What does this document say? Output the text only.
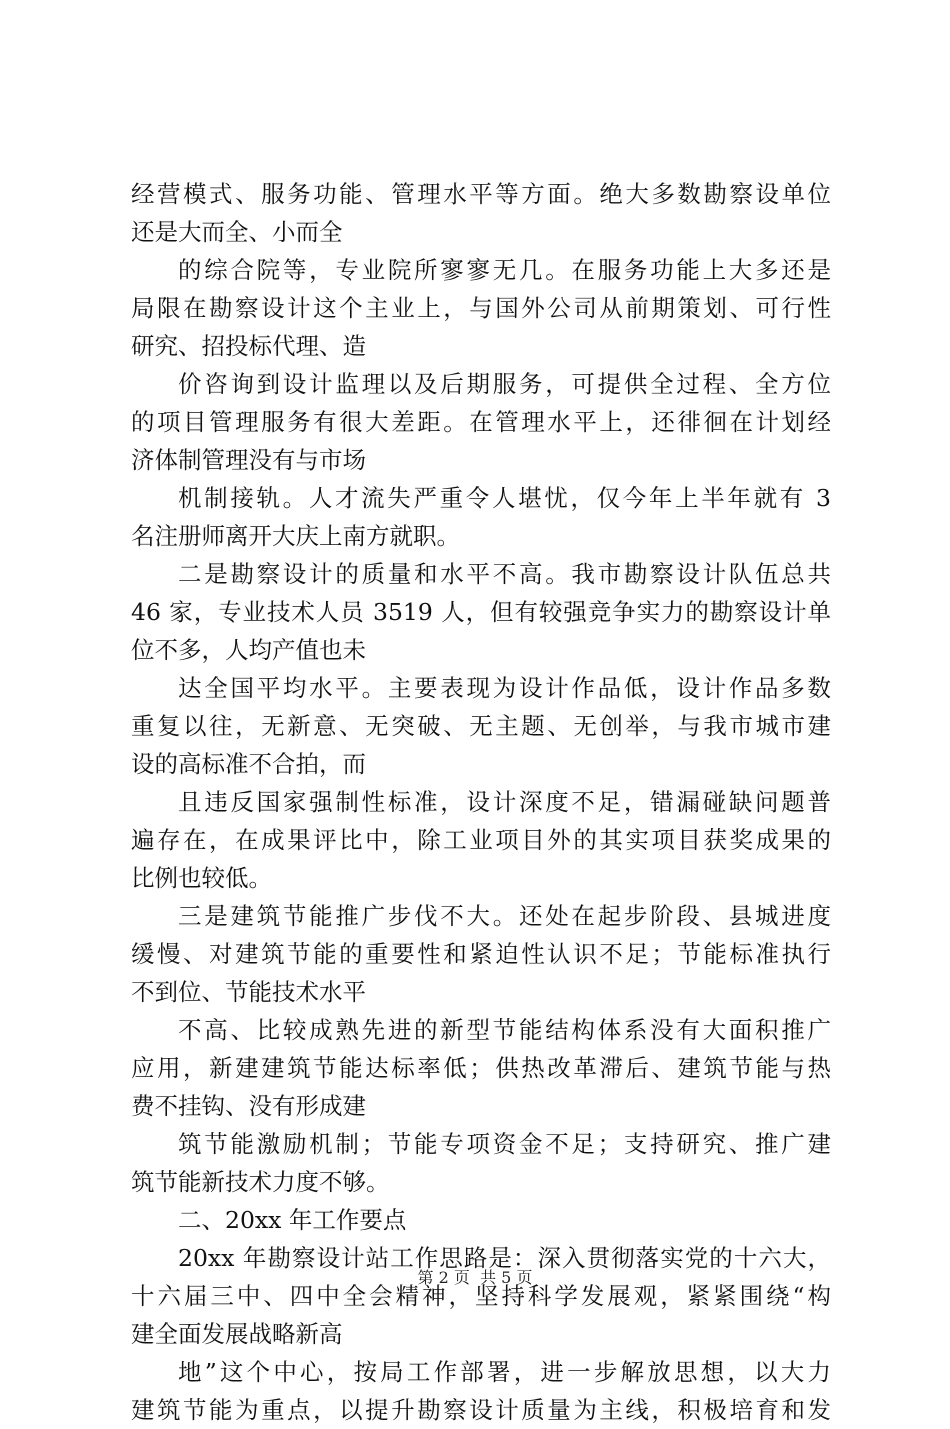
经营模式、服务功能、管理水平等方面。绝大多数勘察设单位
还是大而全、小而全
的综合院等，专业院所寥寥无几。在服务功能上大多还是
局限在勘察设计这个主业上，与国外公司从前期策划、可行性
研究、招投标代理、造
价咨询到设计监理以及后期服务，可提供全过程、全方位
的项目管理服务有很大差距。在管理水平上，还徘徊在计划经
济体制管理没有与市场
机制接轨。人才流失严重令人堪忧，仅今年上半年就有 3
名注册师离开大庆上南方就职。
二是勘察设计的质量和水平不高。我市勘察设计队伍总共
46 家，专业技术人员 3519 人，但有较强竞争实力的勘察设计单
位不多，人均产值也未
达全国平均水平。主要表现为设计作品低，设计作品多数
重复以往，无新意、无突破、无主题、无创举，与我市城市建
设的高标准不合拍，而
且违反国家强制性标准，设计深度不足，错漏碰缺问题普
遍存在，在成果评比中，除工业项目外的其实项目获奖成果的
比例也较低。
三是建筑节能推广步伐不大。还处在起步阶段、县城进度
缓慢、对建筑节能的重要性和紧迫性认识不足；节能标准执行
不到位、节能技术水平
不高、比较成熟先进的新型节能结构体系没有大面积推广
应用，新建建筑节能达标率低；供热改革滞后、建筑节能与热
费不挂钩、没有形成建
筑节能激励机制；节能专项资金不足；支持研究、推广建
筑节能新技术力度不够。
二、20xx 年工作要点
20xx 年勘察设计站工作思路是：深入贯彻落实党的十六大，
十六届三中、四中全会精神，坚持科学发展观，紧紧围绕“构
建全面发展战略新高
地”这个中心，按局工作部署，进一步解放思想，以大力
建筑节能为重点，以提升勘察设计质量为主线，积极培育和发
第 2 页  共 5 页
